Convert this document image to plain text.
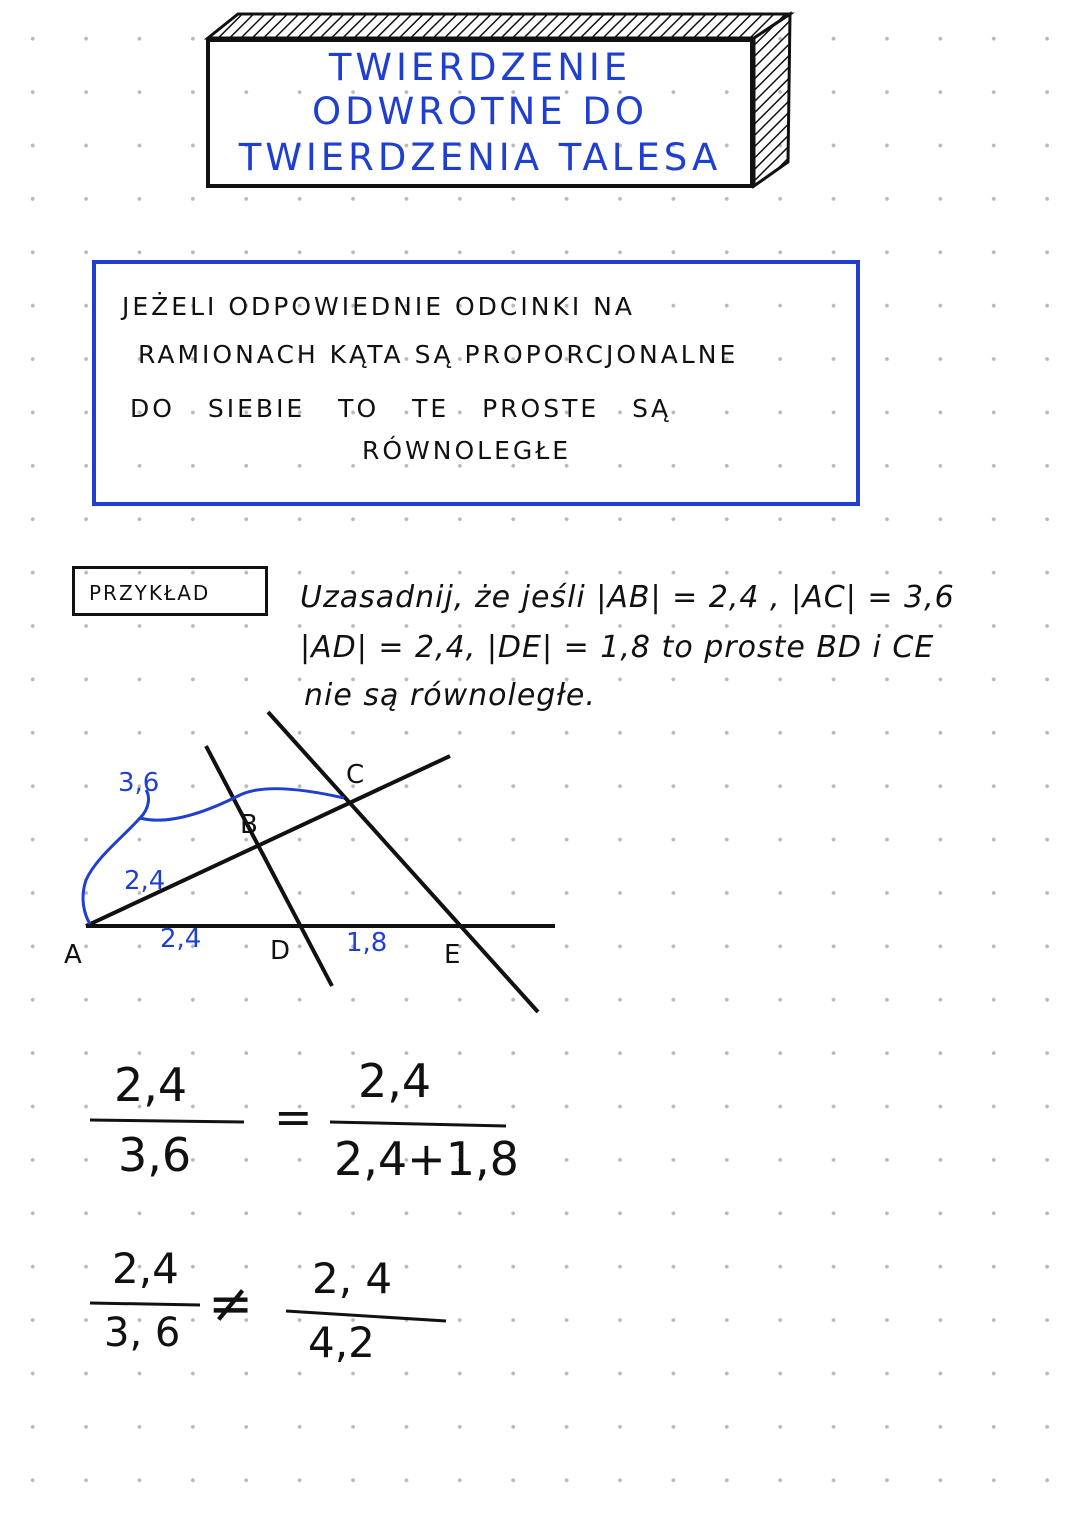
TWIERDZENIE
ODWROTNE DO
TWIERDZENIA TALESA
JEŻELI ODPOWIEDNIE ODCINKI NA
RAMIONACH KĄTA SĄ PROPORCJONALNE
DO SIEBIE TO TE PROSTE SĄ
RÓWNOLEGŁE
PRZYKŁAD	Uzasadnij, że jeśli |AB| = 2,4 , |AC| = 3,6
|AD| = 2,4, |DE| = 1,8 to proste BD i CE
nie są równoległe.
A
B
C
D	E
3,6
2,4
2,4	1,8
2,4
3,6
=
2,4
2,4+1,8
2,4
3, 6 ≠ 2, 4
4,2
